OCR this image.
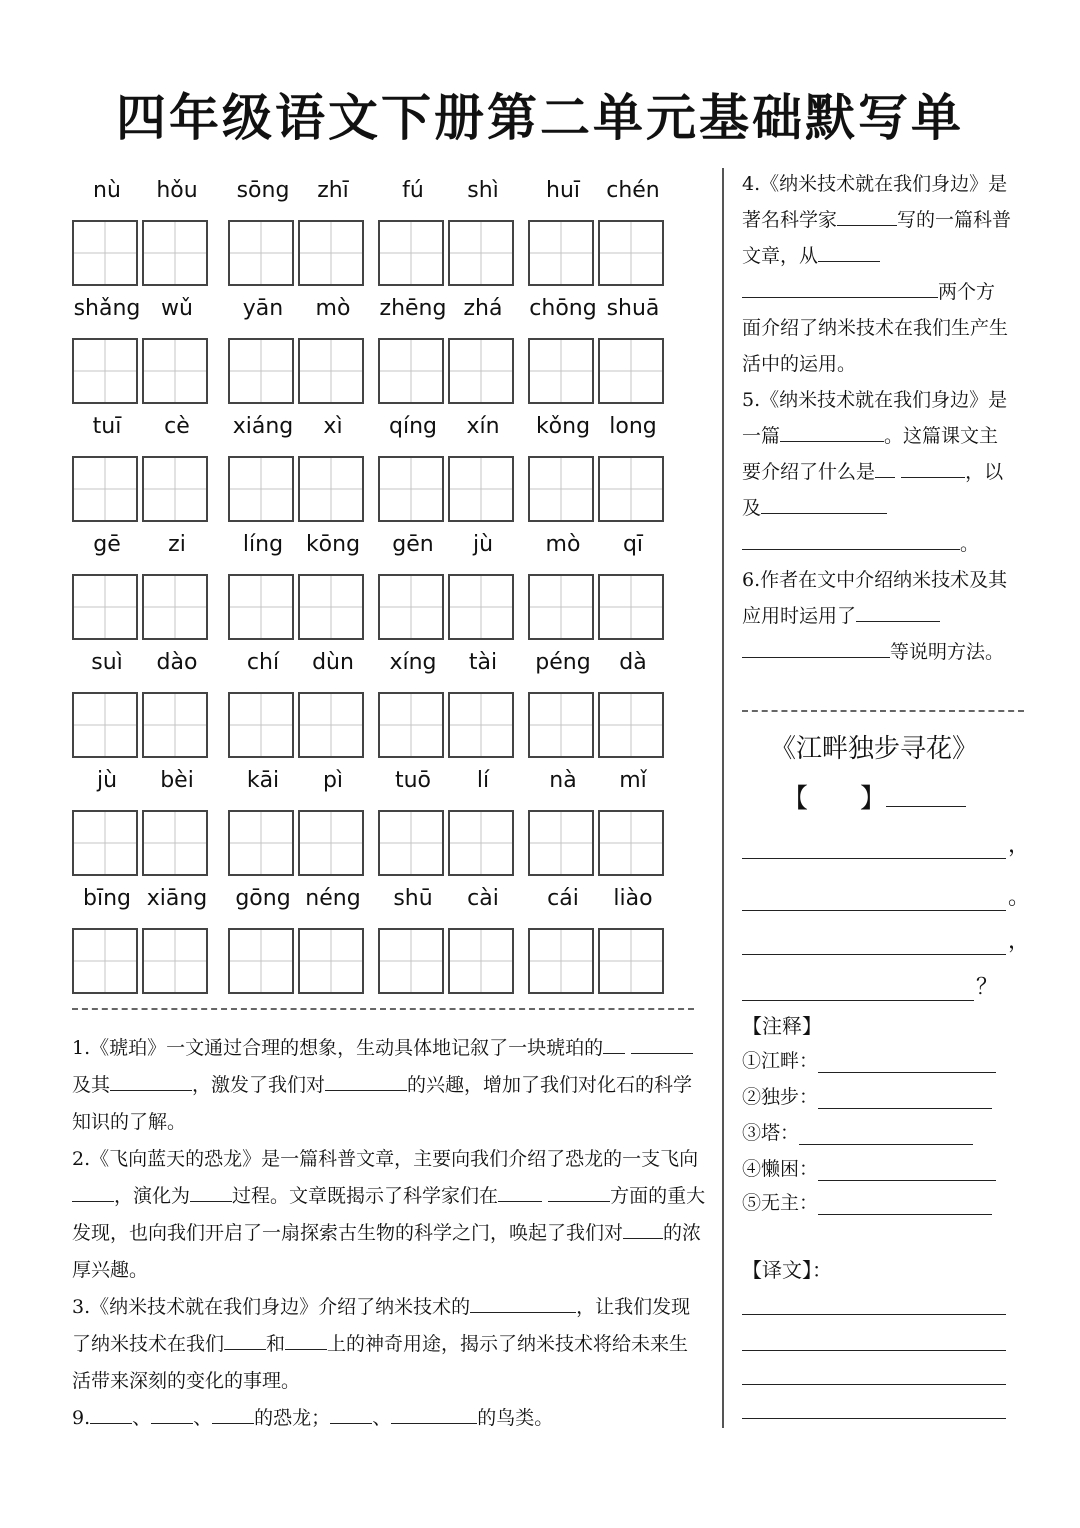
四年级语文下册第二单元基础默写单
nù	hǒu	sōng	zhī	fú	shì	huī	chén
shǎng wǔ	yān	mò	zhēng zhá	chōng shuā
tuī	cè	xiáng	xì	qíng	xín	kǒng long
gē	zi	líng	kōng	gēn	jù	mò	qī
suì	dào	chí	dùn	xíng	tài	péng	dà
jù	bèi	kāi	pì	tuō	lí	nà	mǐ
bīng xiāng	gōng néng	shū	cài	cái	liào

1.《琥珀》一文通过合理的想象，生动具体地记叙了一块琥珀的 及其	，激发了我们对	的兴趣，增加了我们对化石的科学知识的了解。

2.《飞向蓝天的恐龙》是一篇科普文章，主要向我们介绍了恐龙的一支飞向，演化为 过程。文章既揭示了科学家们在	方面的重大发现，也向我们开启了一扇探索古生物的科学之门，唤起了我们对 的浓厚兴趣。

3.《纳米技术就在我们身边》介绍了纳米技术的	，让我们发现了纳米技术在我们 和 上的神奇用途，揭示了纳米技术将给未来生活带来深刻的变化的事理。

9. 、 、 的恐龙； 、	的鸟类。

4.《纳米技术就在我们身边》是著名科学家	写的一篇科普文章，从 两个方面介绍了纳米技术在我们生产生活中的运用。

5.《纳米技术就在我们身边》是一篇	。这篇课文主要介绍了什么是	，以及 。

6.作者在文中介绍纳米技术及其应用时运用了 等说明方法。

《江畔独步寻花》
【　　】
，
。
，
？
【注释】
①江畔：
②独步：
③塔：
④懒困：
⑤无主：
【译文】：
